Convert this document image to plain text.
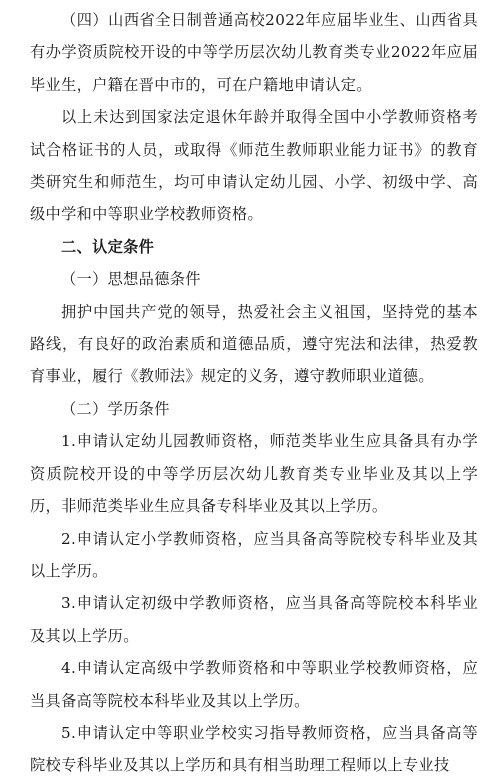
（四）山西省全日制普通高校2022年应届毕业生、山西省具有办学资质院校开设的中等学历层次幼儿教育类专业2022年应届毕业生，户籍在晋中市的，可在户籍地申请认定。

以上未达到国家法定退休年龄并取得全国中小学教师资格考试合格证书的人员，或取得《师范生教师职业能力证书》的教育类研究生和师范生，均可申请认定幼儿园、小学、初级中学、高级中学和中等职业学校教师资格。

二、认定条件

（一）思想品德条件

拥护中国共产党的领导，热爱社会主义祖国，坚持党的基本路线，有良好的政治素质和道德品质，遵守宪法和法律，热爱教育事业，履行《教师法》规定的义务，遵守教师职业道德。

（二）学历条件

1.申请认定幼儿园教师资格，师范类毕业生应具备具有办学资质院校开设的中等学历层次幼儿教育类专业毕业及其以上学历，非师范类毕业生应具备专科毕业及其以上学历。

2.申请认定小学教师资格，应当具备高等院校专科毕业及其以上学历。

3.申请认定初级中学教师资格，应当具备高等院校本科毕业及其以上学历。

4.申请认定高级中学教师资格和中等职业学校教师资格，应当具备高等院校本科毕业及其以上学历。

5.申请认定中等职业学校实习指导教师资格，应当具备高等院校专科毕业及其以上学历和具有相当助理工程师以上专业技
